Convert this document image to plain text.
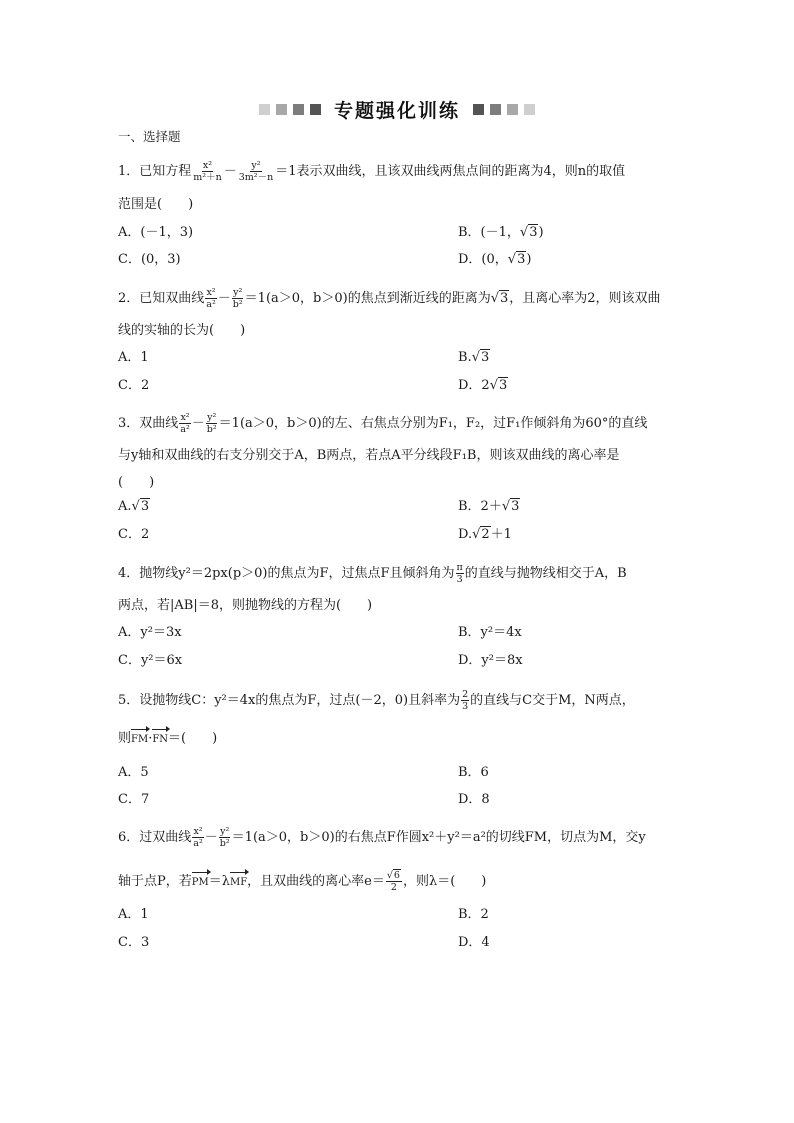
专题强化训练
一、选择题
1．已知方程 $\frac{\text{x²}}{\text{m²＋n}} - \frac{\text{y²}}{\text{3m²－n}} =1$表示双曲线，且该双曲线两焦点间的距离为4，则n的取值
范围是(　　)
A．(－1，3)	B．(－1，√3)
C．(0，3)	D．(0，√3)
2．已知双曲线 $\frac{\text{x²}}{\text{a²}} - \frac{\text{y²}}{\text{b²}} =1(a>0$，b＞0)的焦点到渐近线的距离为√3，且离心率为2，则该双曲
线的实轴的长为(　　)
A．1	B.√3
C．2	D．2√3
3．双曲线 $\frac{\text{x²}}{\text{a²}} - \frac{\text{y²}}{\text{b²}} =1(a>0$，b＞0)的左、右焦点分别为F₁，F₂，过F₁作倾斜角为60°的直线
与y轴和双曲线的右支分别交于A，B两点，若点A平分线段F₁B，则该双曲线的离心率是
(　　)
A.√3	B．2＋√3
C．2	D.√2＋1
4．抛物线y²＝2px(p＞0)的焦点为F，过焦点F且倾斜角为 $\frac{\pi}{3}$ 的直线与抛物线相交于A，B
两点，若|AB|＝8，则抛物线的方程为(　　)
A．y²＝3x	B．y²＝4x
C．y²＝6x	D．y²＝8x
5．设抛物线C：y²＝4x的焦点为F，过点(－2，0)且斜率为 $\frac{2}{3}$ 的直线与C交于M，N两点，
则FM·FN＝(　　)
A．5	B．6
C．7	D．8
6．过双曲线 $\frac{\text{x²}}{\text{a²}} - \frac{\text{y²}}{\text{b²}} =1(a>0$，b＞0)的右焦点F作圆x²＋y²＝a²的切线FM，切点为M，交y
轴于点P，若PM＝λMF，且双曲线的离心率$e= \frac{√6}{2}$ ，则λ＝(　　)
A．1	B．2
C．3	D．4
